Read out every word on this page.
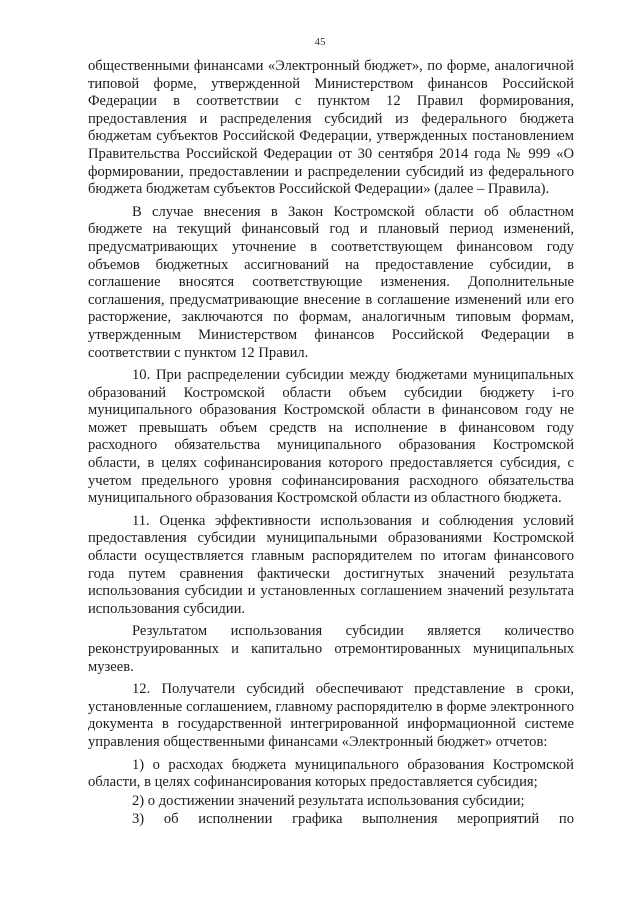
45

общественными финансами «Электронный бюджет», по форме, аналогичной типовой форме, утвержденной Министерством финансов Российской Федерации в соответствии с пунктом 12 Правил формирования, предоставления и распределения субсидий из федерального бюджета бюджетам субъектов Российской Федерации, утвержденных постановлением Правительства Российской Федерации от 30 сентября 2014 года № 999 «О формировании, предоставлении и распределении субсидий из федерального бюджета бюджетам субъектов Российской Федерации» (далее – Правила).

В случае внесения в Закон Костромской области об областном бюджете на текущий финансовый год и плановый период изменений, предусматривающих уточнение в соответствующем финансовом году объемов бюджетных ассигнований на предоставление субсидии, в соглашение вносятся соответствующие изменения. Дополнительные соглашения, предусматривающие внесение в соглашение изменений или его расторжение, заключаются по формам, аналогичным типовым формам, утвержденным Министерством финансов Российской Федерации в соответствии с пунктом 12 Правил.

10. При распределении субсидии между бюджетами муниципальных образований Костромской области объем субсидии бюджету i-го муниципального образования Костромской области в финансовом году не может превышать объем средств на исполнение в финансовом году расходного обязательства муниципального образования Костромской области, в целях софинансирования которого предоставляется субсидия, с учетом предельного уровня софинансирования расходного обязательства муниципального образования Костромской области из областного бюджета.

11. Оценка эффективности использования и соблюдения условий предоставления субсидии муниципальными образованиями Костромской области осуществляется главным распорядителем по итогам финансового года путем сравнения фактически достигнутых значений результата использования субсидии и установленных соглашением значений результата использования субсидии.

Результатом использования субсидии является количество реконструированных и капитально отремонтированных муниципальных музеев.

12. Получатели субсидий обеспечивают представление в сроки, установленные соглашением, главному распорядителю в форме электронного документа в государственной интегрированной информационной системе управления общественными финансами «Электронный бюджет» отчетов:

1) о расходах бюджета муниципального образования Костромской области, в целях софинансирования которых предоставляется субсидия;

2) о достижении значений результата использования субсидии;

3) об исполнении графика выполнения мероприятий по
